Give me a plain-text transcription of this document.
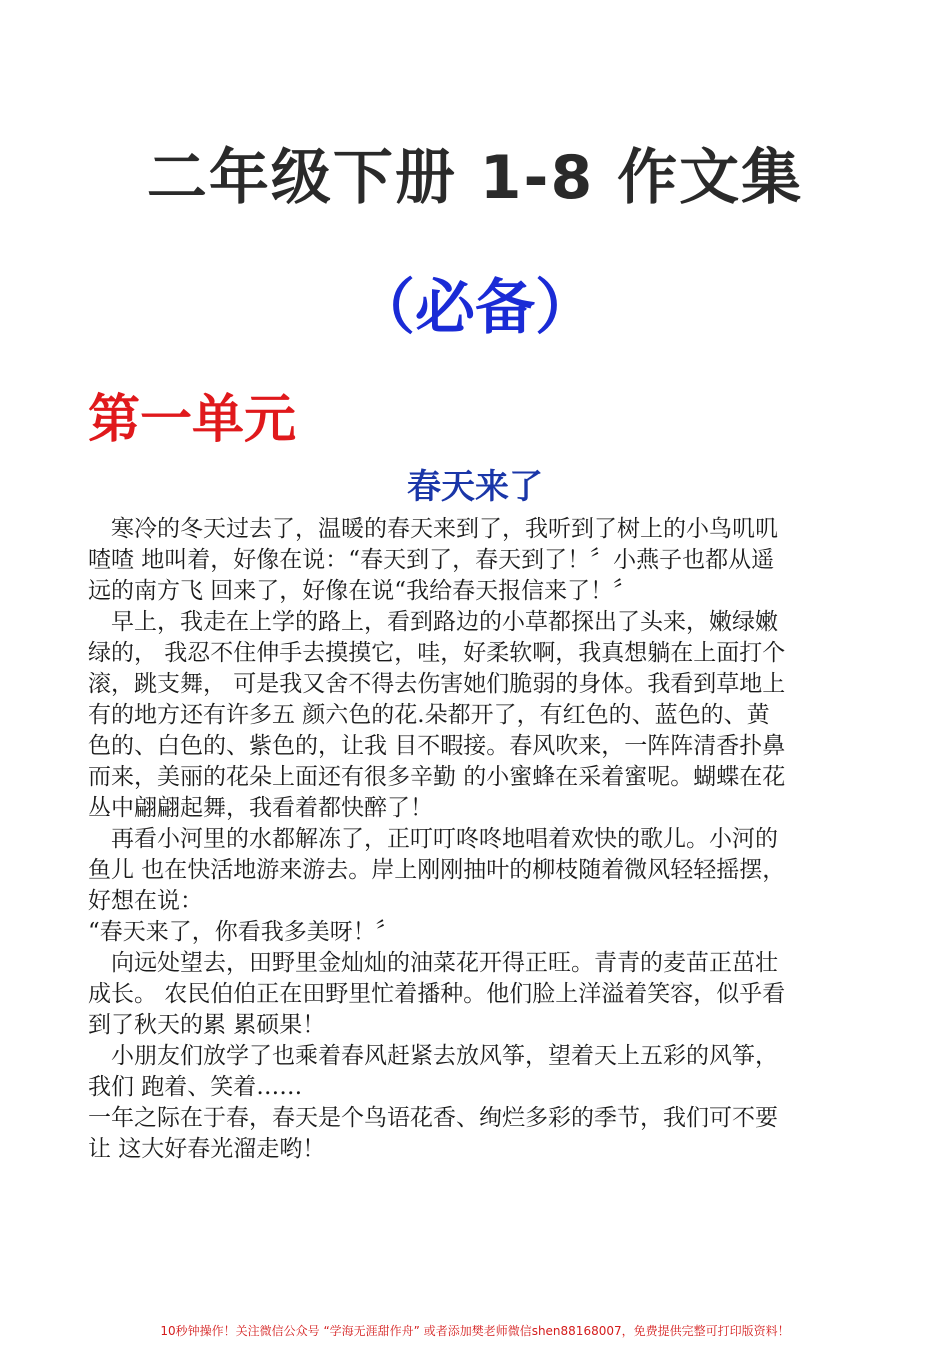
二年级下册 1-8 作文集
（必备）
第一单元
春天来了

　寒冷的冬天过去了，温暖的春天来到了，我听到了树上的小鸟叽叽

喳喳 地叫着，好像在说：“春天到了，春天到了！〞小燕子也都从遥

远的南方飞 回来了，好像在说“我给春天报信来了！〞

　早上，我走在上学的路上，看到路边的小草都探出了头来，嫩绿嫩

绿的， 我忍不住伸手去摸摸它，哇，好柔软啊，我真想躺在上面打个

滚，跳支舞， 可是我又舍不得去伤害她们脆弱的身体。我看到草地上

有的地方还有许多五 颜六色的花.朵都开了，有红色的、蓝色的、黄

色的、白色的、紫色的，让我 目不暇接。春风吹来，一阵阵清香扑鼻

而来，美丽的花朵上面还有很多辛勤 的小蜜蜂在采着蜜呢。蝴蝶在花

丛中翩翩起舞，我看着都快醉了！

　再看小河里的水都解冻了，正叮叮咚咚地唱着欢快的歌儿。小河的

鱼儿 也在快活地游来游去。岸上刚刚抽叶的柳枝随着微风轻轻摇摆，

好想在说：

“春天来了，你看我多美呀！〞

　向远处望去，田野里金灿灿的油菜花开得正旺。青青的麦苗正茁壮

成长。 农民伯伯正在田野里忙着播种。他们脸上洋溢着笑容，似乎看

到了秋天的累 累硕果！

　小朋友们放学了也乘着春风赶紧去放风筝，望着天上五彩的风筝，

我们 跑着、笑着……

一年之际在于春，春天是个鸟语花香、绚烂多彩的季节，我们可不要

让 这大好春光溜走哟！

10秒钟操作！关注微信公众号 “学海无涯甜作舟” 或者添加樊老师微信shen88168007，免费提供完整可打印版资料！
